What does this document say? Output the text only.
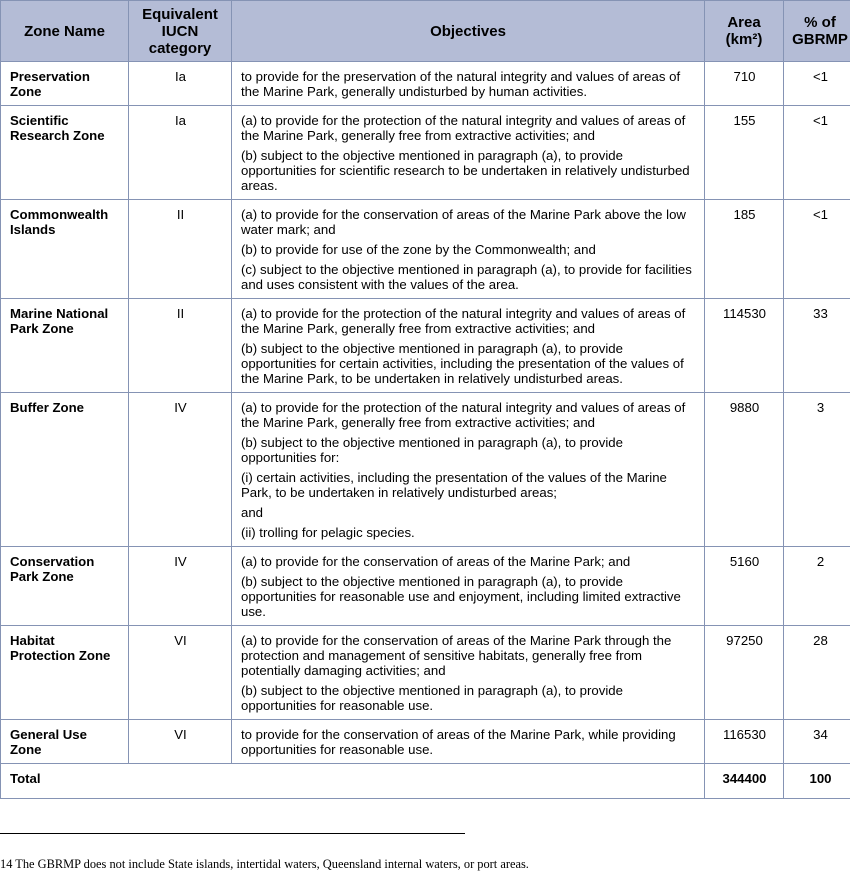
Zone Name	Equivalent IUCN category	Objectives	Area (km²)	% of GBRMP
Preservation Zone	Ia	to provide for the preservation of the natural integrity and values of areas of the Marine Park, generally undisturbed by human activities.	710	<1
Scientific Research Zone	Ia	(a) to provide for the protection of the natural integrity and values of areas of the Marine Park, generally free from extractive activities; and
(b) subject to the objective mentioned in paragraph (a), to provide opportunities for scientific research to be undertaken in relatively undisturbed areas.	155	<1
Commonwealth Islands	II	(a) to provide for the conservation of areas of the Marine Park above the low water mark; and
(b) to provide for use of the zone by the Commonwealth; and
(c) subject to the objective mentioned in paragraph (a), to provide for facilities and uses consistent with the values of the area.	185	<1
Marine National Park Zone	II	(a) to provide for the protection of the natural integrity and values of areas of the Marine Park, generally free from extractive activities; and
(b) subject to the objective mentioned in paragraph (a), to provide opportunities for certain activities, including the presentation of the values of the Marine Park, to be undertaken in relatively undisturbed areas.	114530	33
Buffer Zone	IV	(a) to provide for the protection of the natural integrity and values of areas of the Marine Park, generally free from extractive activities; and
(b) subject to the objective mentioned in paragraph (a), to provide opportunities for:
(i) certain activities, including the presentation of the values of the Marine Park, to be undertaken in relatively undisturbed areas;
and
(ii) trolling for pelagic species.	9880	3
Conservation Park Zone	IV	(a) to provide for the conservation of areas of the Marine Park; and
(b) subject to the objective mentioned in paragraph (a), to provide opportunities for reasonable use and enjoyment, including limited extractive use.	5160	2
Habitat Protection Zone	VI	(a) to provide for the conservation of areas of the Marine Park through the protection and management of sensitive habitats, generally free from potentially damaging activities; and
(b) subject to the objective mentioned in paragraph (a), to provide opportunities for reasonable use.	97250	28
General Use Zone	VI	to provide for the conservation of areas of the Marine Park, while providing opportunities for reasonable use.	116530	34
Total			344400	100
14 The GBRMP does not include State islands, intertidal waters, Queensland internal waters, or port areas.
